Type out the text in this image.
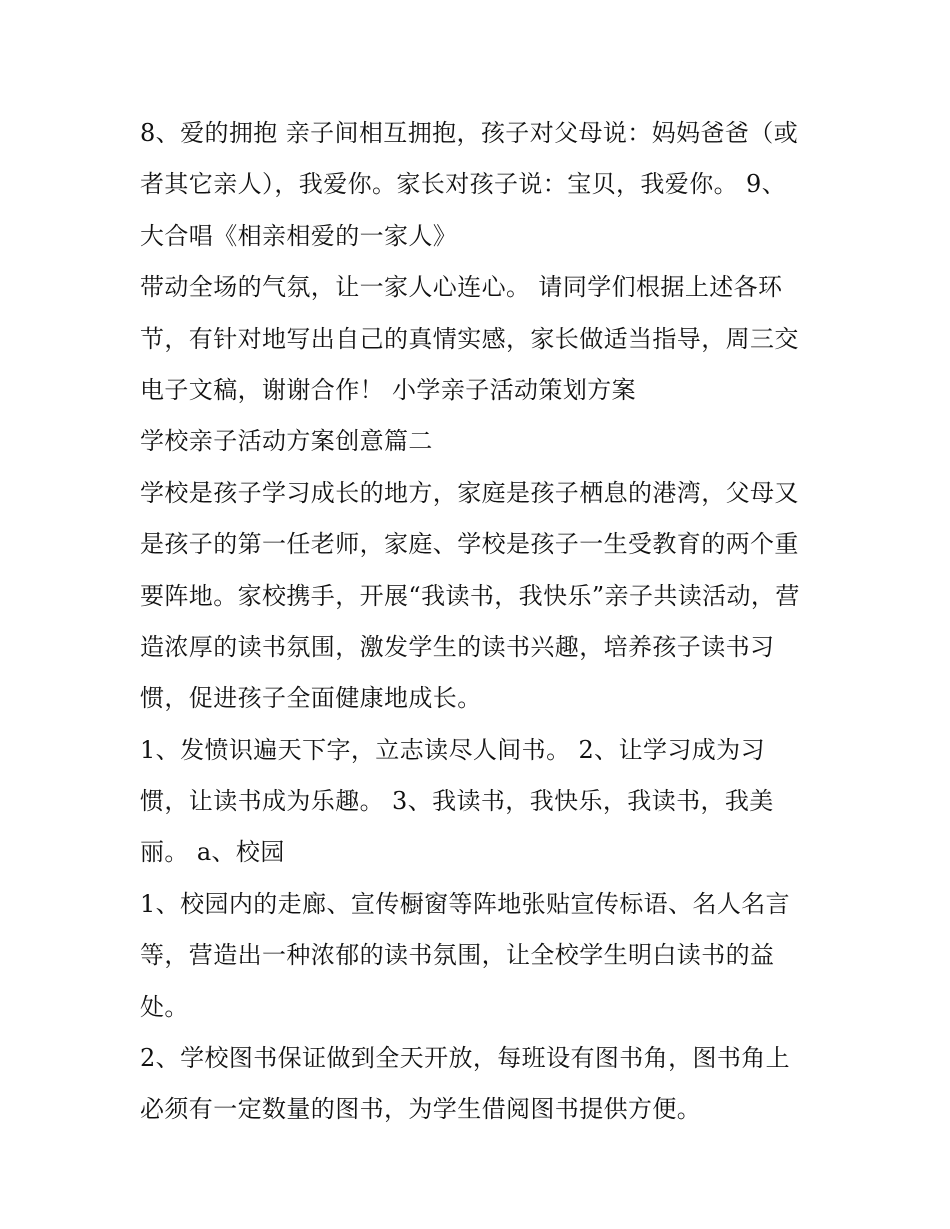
8、爱的拥抱 亲子间相互拥抱，孩子对父母说：妈妈爸爸（或
者其它亲人），我爱你。家长对孩子说：宝贝，我爱你。 9、
大合唱《相亲相爱的一家人》
带动全场的气氛，让一家人心连心。 请同学们根据上述各环
节，有针对地写出自己的真情实感，家长做适当指导，周三交
电子文稿，谢谢合作！ 小学亲子活动策划方案
学校亲子活动方案创意篇二
学校是孩子学习成长的地方，家庭是孩子栖息的港湾，父母又
是孩子的第一任老师，家庭、学校是孩子一生受教育的两个重
要阵地。家校携手，开展“我读书，我快乐”亲子共读活动，营
造浓厚的读书氛围，激发学生的读书兴趣，培养孩子读书习
惯，促进孩子全面健康地成长。
1、发愤识遍天下字，立志读尽人间书。 2、让学习成为习
惯，让读书成为乐趣。 3、我读书，我快乐，我读书，我美
丽。 a、校园
1、校园内的走廊、宣传橱窗等阵地张贴宣传标语、名人名言
等，营造出一种浓郁的读书氛围，让全校学生明白读书的益
处。
2、学校图书保证做到全天开放，每班设有图书角，图书角上
必须有一定数量的图书，为学生借阅图书提供方便。
